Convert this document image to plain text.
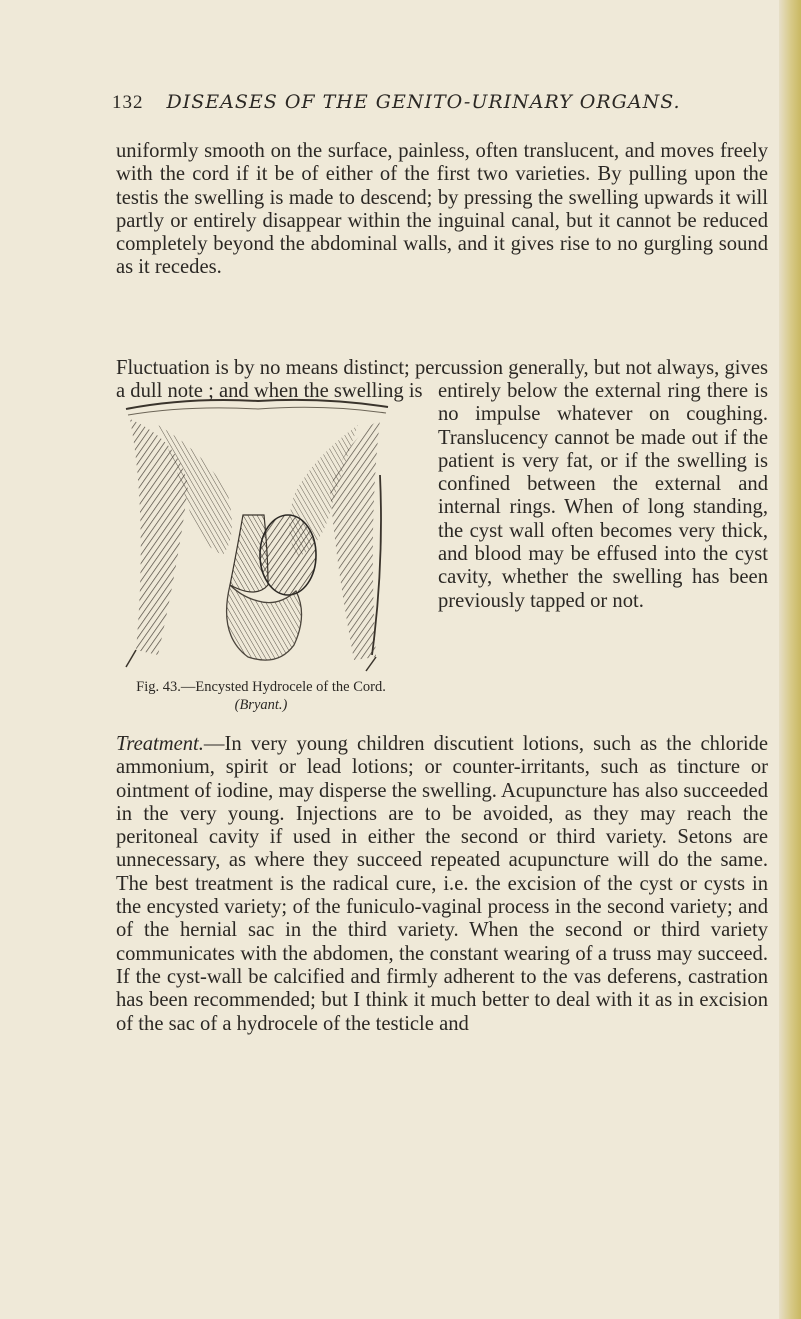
132 DISEASES OF THE GENITO-URINARY ORGANS.

uniformly smooth on the surface, painless, often translucent, and moves freely with the cord if it be of either of the first two varieties. By pulling upon the testis the swelling is made to descend; by pressing the swelling upwards it will partly or entirely disappear within the inguinal canal, but it cannot be reduced completely beyond the abdominal walls, and it gives rise to no gurgling sound as it recedes.

Fluctuation is by no means distinct; percussion generally, but not always, gives a dull note ; and when the swelling is entirely below the external ring there is no impulse whatever on coughing. Translucency cannot be made out if the patient is very fat, or if the swelling is confined between the external and internal rings. When of long standing, the cyst wall often becomes very thick, and blood may be effused into the cyst cavity, whether the swelling has been previously tapped or not.

Fig. 43.—Encysted Hydrocele of the Cord. (Bryant.)

Treatment.—In very young children discutient lotions, such as the chloride ammonium, spirit or lead lotions; or counter-irritants, such as tincture or ointment of iodine, may disperse the swelling. Acupuncture has also succeeded in the very young. Injections are to be avoided, as they may reach the peritoneal cavity if used in either the second or third variety. Setons are unnecessary, as where they succeed repeated acupuncture will do the same. The best treatment is the radical cure, i.e. the excision of the cyst or cysts in the encysted variety; of the funiculo-vaginal process in the second variety; and of the hernial sac in the third variety. When the second or third variety communicates with the abdomen, the constant wearing of a truss may succeed. If the cyst-wall be calcified and firmly adherent to the vas deferens, castration has been recommended; but I think it much better to deal with it as in excision of the sac of a hydrocele of the testicle and
